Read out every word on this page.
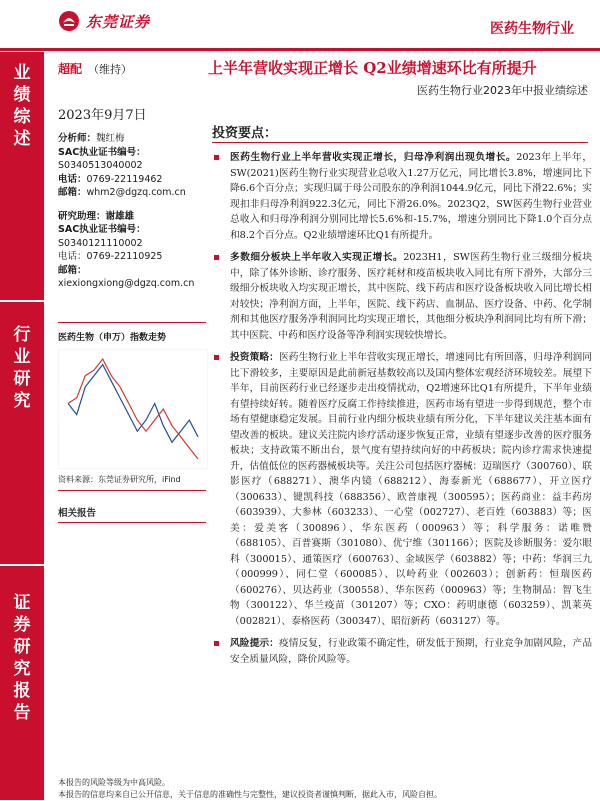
东莞证券	医药生物行业
业
绩
综
述
行
业
研
究
证
券
研
究
报
告
超配 （维持）	上半年营收实现正增长 Q2业绩增速环比有所提升
医药生物行业2023年中报业绩综述
2023年9月7日
分析师：魏红梅
SAC执业证书编号：
S0340513040002
电话：0769-22119462
邮箱：whm2@dgzq.com.cn
研究助理：谢雄雄
SAC执业证书编号：
S0340121110002
电话：0769-22110925
邮箱：
xiexiongxiong@dgzq.com.cn
医药生物（申万）指数走势
资料来源：东莞证券研究所，iFind
相关报告
投资要点：
医药生物行业上半年营收实现正增长，归母净利润出现负增长。2023年上半年，SW(2021)医药生物行业实现营业总收入1.27万亿元，同比增长3.8%，增速同比下降6.6个百分点；实现归属于母公司股东的净利润1044.9亿元，同比下滑22.6%；实现扣非归母净利润922.3亿元，同比下滑26.0%。2023Q2，SW医药生物行业营业总收入和归母净利润分别同比增长5.6%和-15.7%，增速分别同比下降1.0个百分点和8.2个百分点。Q2业绩增速环比Q1有所提升。
多数细分板块上半年收入实现正增长。2023H1，SW医药生物行业三级细分板块中，除了体外诊断、诊疗服务、医疗耗材和疫苗板块收入同比有所下滑外，大部分三级细分板块收入均实现正增长，其中医院、线下药店和医疗设备板块收入同比增长相对较快；净利润方面，上半年，医院、线下药店、血制品、医疗设备、中药、化学制剂和其他医疗服务净利润同比均实现正增长，其他细分板块净利润同比均有所下滑；其中医院、中药和医疗设备等净利润实现较快增长。
投资策略：医药生物行业上半年营收实现正增长，增速同比有所回落，归母净利润同比下滑较多，主要原因是此前新冠基数较高以及国内整体宏观经济环境较差。展望下半年，目前医药行业已经逐步走出疫情扰动，Q2增速环比Q1有所提升，下半年业绩有望持续好转。随着医疗反腐工作持续推进，医药市场有望进一步得到规范，整个市场有望健康稳定发展。目前行业内细分板块业绩有所分化，下半年建议关注基本面有望改善的板块。建议关注院内诊疗活动逐步恢复正常，业绩有望逐步改善的医疗服务板块；支持政策不断出台，景气度有望持续向好的中药板块；院内诊疗需求快速提升，估值低位的医药器械板块等。关注公司包括医疗器械：迈瑞医疗（300760）、联影医疗（688271）、澳华内镜（688212）、海泰新光（688677）、开立医疗（300633）、键凯科技（688356）、欧普康视（300595）；医药商业：益丰药房（603939）、大参林（603233）、一心堂（002727）、老百姓（603883）等；医美：爱美客（300896）、华东医药（000963）等；科学服务：诺唯赞（688105）、百普赛斯（301080）、优宁维（301166）；医院及诊断服务：爱尔眼科（300015）、通策医疗（600763）、金域医学（603882）等；中药：华润三九（000999）、同仁堂（600085）、以岭药业（002603）；创新药：恒瑞医药（600276）、贝达药业（300558）、华东医药（000963）等；生物制品：智飞生物（300122）、华兰疫苗（301207）等；CXO：药明康德（603259）、凯莱英（002821）、泰格医药（300347）、昭衍新药（603127）等。
风险提示：疫情反复，行业政策不确定性，研发低于预期，行业竞争加剧风险，产品安全质量风险，降价风险等。
本报告的风险等级为中高风险。
本报告的信息均来自已公开信息，关于信息的准确性与完整性，建议投资者谨慎判断，据此入市，风险自担。
